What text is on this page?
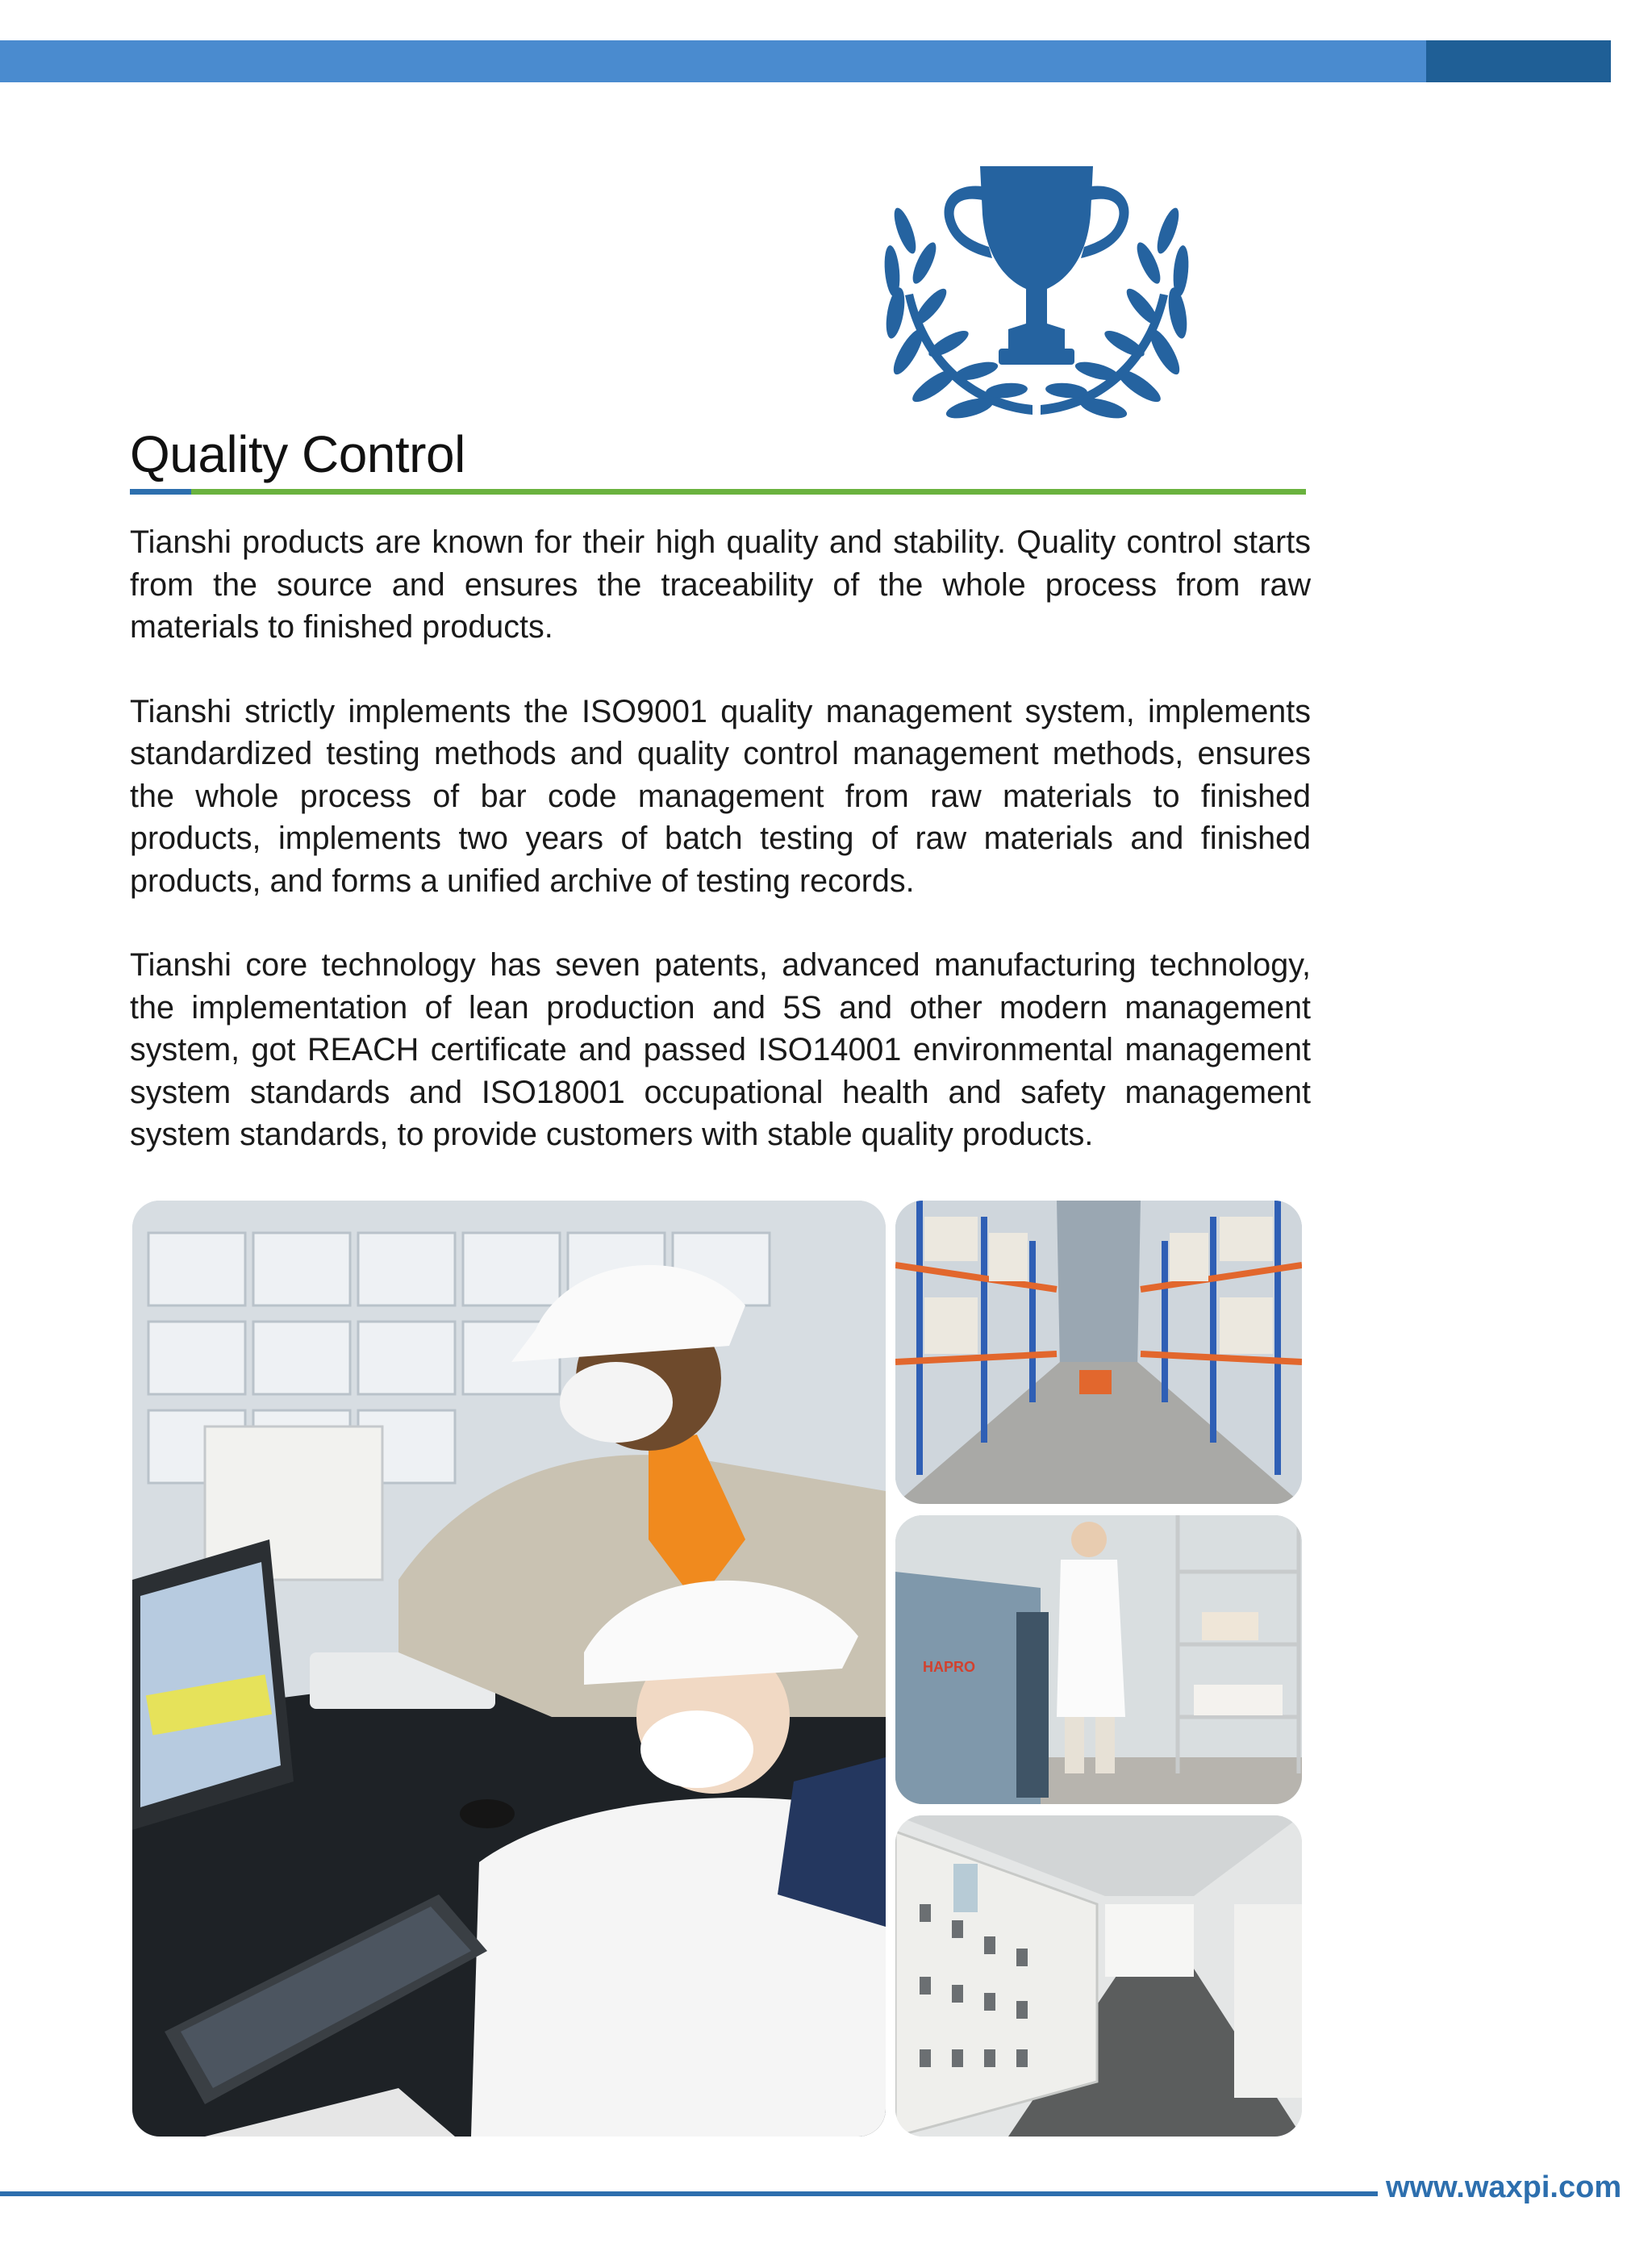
Quality Control

Tianshi products are known for their high quality and stability. Quality control starts from the source and ensures the traceability of the whole process from raw materials to finished products.

Tianshi strictly implements the ISO9001 quality management system, implements standardized testing methods and quality control management methods, ensures the whole process of bar code management from raw materials to finished products, implements two years of batch testing of raw materials and finished products, and forms a unified archive of testing records.

Tianshi core technology has seven patents, advanced manufacturing technology, the implementation of lean production and 5S and other modern management system, got REACH certificate and passed ISO14001 environmental management system standards and ISO18001 occupational health and safety management system standards, to provide customers with stable quality products.

HAPRO
www.waxpi.com
